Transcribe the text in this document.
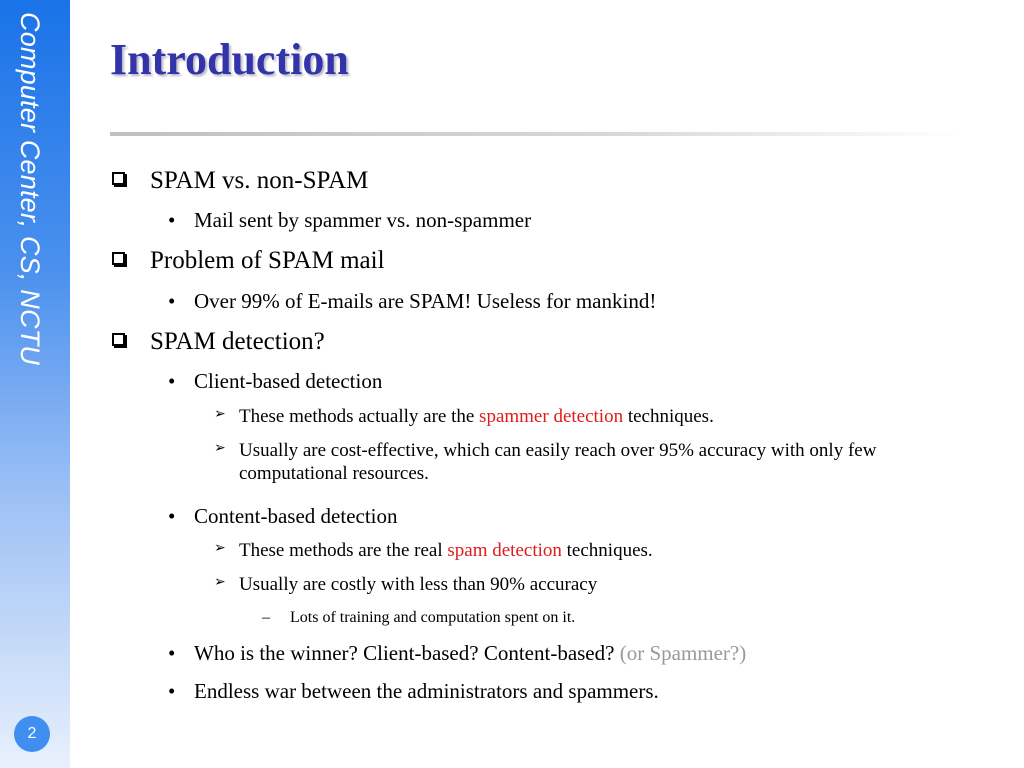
Computer Center, CS, NCTU
2
Introduction
SPAM vs. non-SPAM
• Mail sent by spammer vs. non-spammer
Problem of SPAM mail
• Over 99% of E-mails are SPAM! Useless for mankind!
SPAM detection?
• Client-based detection
➢ These methods actually are the spammer detection techniques.
➢ Usually are cost-effective, which can easily reach over 95% accuracy with only few computational resources.
• Content-based detection
➢ These methods are the real spam detection techniques.
➢ Usually are costly with less than 90% accuracy
– Lots of training and computation spent on it.
• Who is the winner? Client-based? Content-based? (or Spammer?)
• Endless war between the administrators and spammers.
